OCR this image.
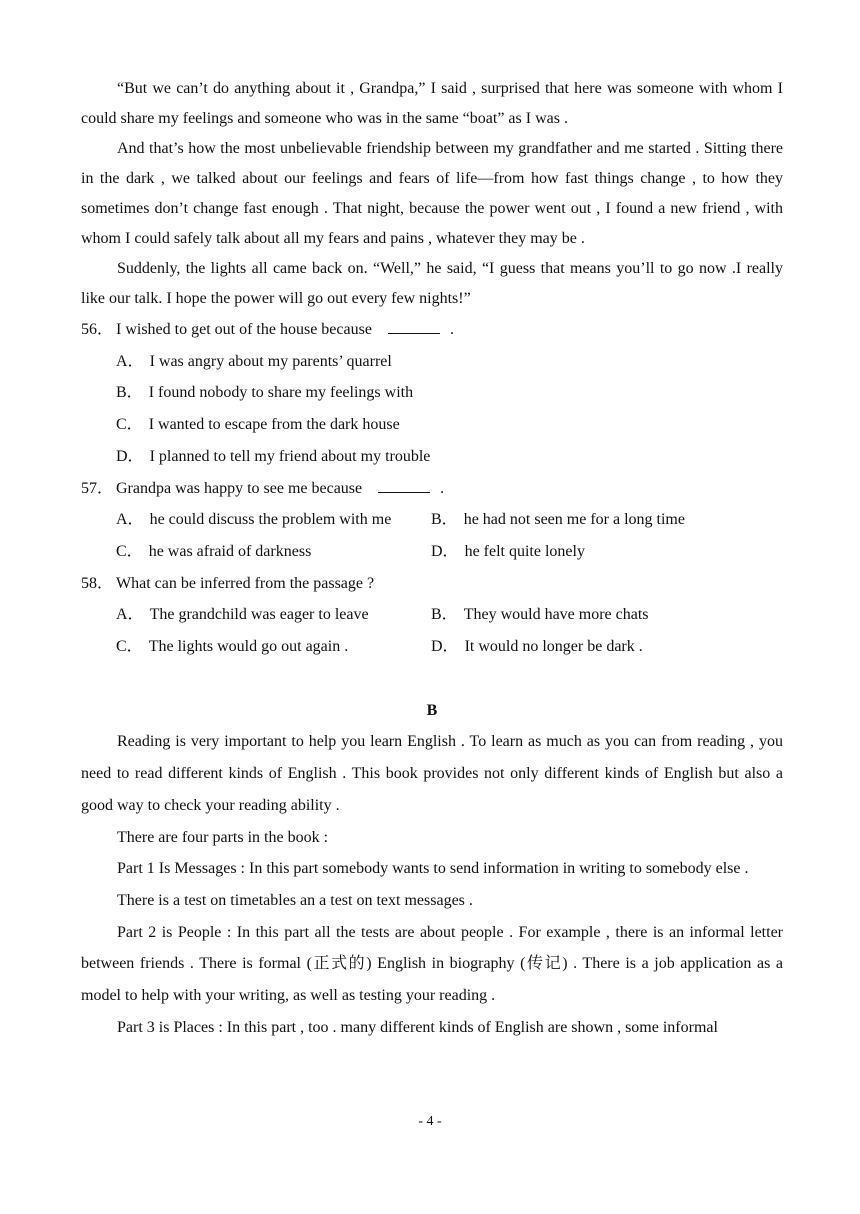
“But we can’t do anything about it , Grandpa,” I said , surprised that here was someone with whom I could share my feelings and someone who was in the same “boat” as I was .

And that’s how the most unbelievable friendship between my grandfather and me started . Sitting there in the dark , we talked about our feelings and fears of life—from how fast things change , to how they sometimes don’t change fast enough . That night, because the power went out , I found a new friend , with whom I could safely talk about all my fears and pains , whatever they may be .

Suddenly, the lights all came back on. “Well,” he said, “I guess that means you’ll to go now .I really like our talk. I hope the power will go out every few nights!”

56． I wished to get out of the house because	.
A． I was angry about my parents’ quarrel
B． I found nobody to share my feelings with
C． I wanted to escape from the dark house
D． I planned to tell my friend about my trouble
57． Grandpa was happy to see me because	.
A． he could discuss the problem with me	B． he had not seen me for a long time
C． he was afraid of darkness	D． he felt quite lonely
58． What can be inferred from the passage ?
A． The grandchild was eager to leave	B． They would have more chats
C． The lights would go out again .	D． It would no longer be dark .
B

Reading is very important to help you learn English . To learn as much as you can from reading , you need to read different kinds of English . This book provides not only different kinds of English but also a good way to check your reading ability .

There are four parts in the book :

Part 1 Is Messages : In this part somebody wants to send information in writing to somebody else .

There is a test on timetables an a test on text messages .

Part 2 is People : In this part all the tests are about people . For example , there is an informal letter between friends . There is formal (正式的) English in biography (传记) . There is a job application as a model to help with your writing, as well as testing your reading .

Part 3 is Places : In this part , too . many different kinds of English are shown , some informal

- 4 -
